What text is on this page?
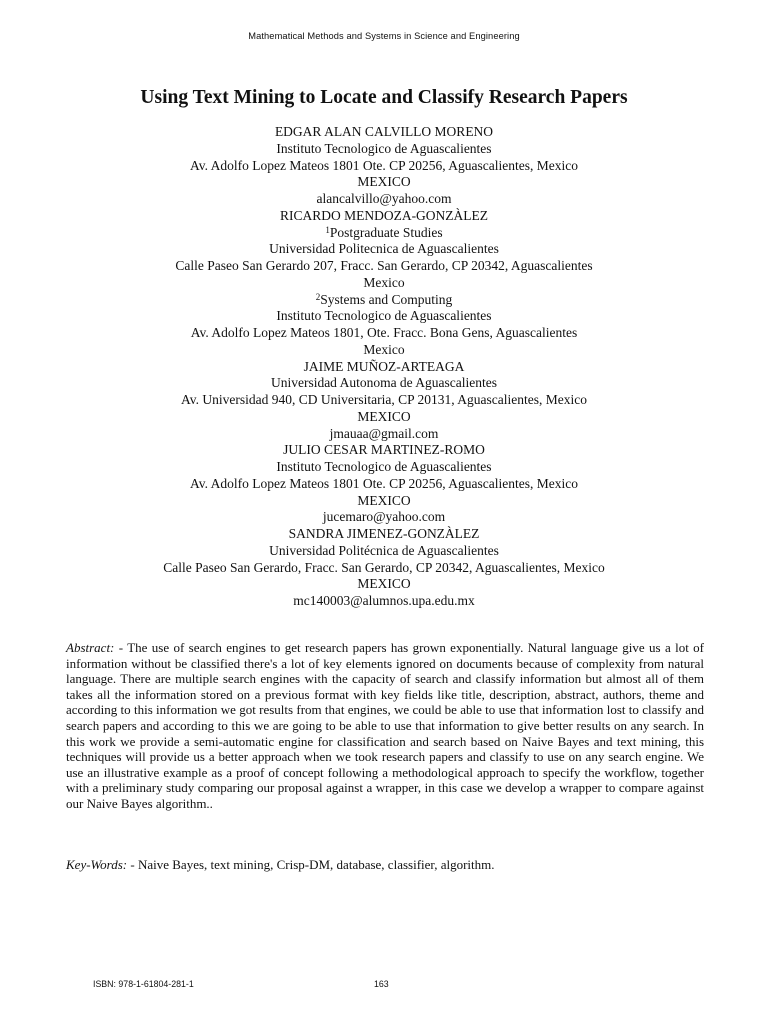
Mathematical Methods and Systems in Science and Engineering
Using Text Mining to Locate and Classify Research Papers
EDGAR ALAN CALVILLO MORENO
Instituto Tecnologico de Aguascalientes
Av. Adolfo Lopez Mateos 1801 Ote. CP 20256, Aguascalientes, Mexico
MEXICO
alancalvillo@yahoo.com
RICARDO MENDOZA-GONZÀLEZ
$^1$Postgraduate Studies
Universidad Politecnica de Aguascalientes
Calle Paseo San Gerardo 207, Fracc. San Gerardo, CP 20342, Aguascalientes
Mexico
$^2$Systems and Computing
Instituto Tecnologico de Aguascalientes
Av. Adolfo Lopez Mateos 1801, Ote. Fracc. Bona Gens, Aguascalientes
Mexico
JAIME MUÑOZ-ARTEAGA
Universidad Autonoma de Aguascalientes
Av. Universidad 940, CD Universitaria, CP 20131, Aguascalientes, Mexico
MEXICO
jmauaa@gmail.com
JULIO CESAR MARTINEZ-ROMO
Instituto Tecnologico de Aguascalientes
Av. Adolfo Lopez Mateos 1801 Ote. CP 20256, Aguascalientes, Mexico
MEXICO
jucemaro@yahoo.com
SANDRA JIMENEZ-GONZÀLEZ
Universidad Politécnica de Aguascalientes
Calle Paseo San Gerardo, Fracc. San Gerardo, CP 20342, Aguascalientes, Mexico
MEXICO
mc140003@alumnos.upa.edu.mx

Abstract: - The use of search engines to get research papers has grown exponentially. Natural language give us a lot of information without be classified there's a lot of key elements ignored on documents because of complexity from natural language. There are multiple search engines with the capacity of search and classify information but almost all of them takes all the information stored on a previous format with key fields like title, description, abstract, authors, theme and according to this information we got results from that engines, we could be able to use that information lost to classify and search papers and according to this we are going to be able to use that information to give better results on any search. In this work we provide a semi-automatic engine for classification and search based on Naive Bayes and text mining, this techniques will provide us a better approach when we took research papers and classify to use on any search engine. We use an illustrative example as a proof of concept following a methodological approach to specify the workflow, together with a preliminary study comparing our proposal against a wrapper, in this case we develop a wrapper to compare against our Naive Bayes algorithm..

Key-Words: - Naive Bayes, text mining, Crisp-DM, database, classifier, algorithm.

ISBN: 978-1-61804-281-1	163
